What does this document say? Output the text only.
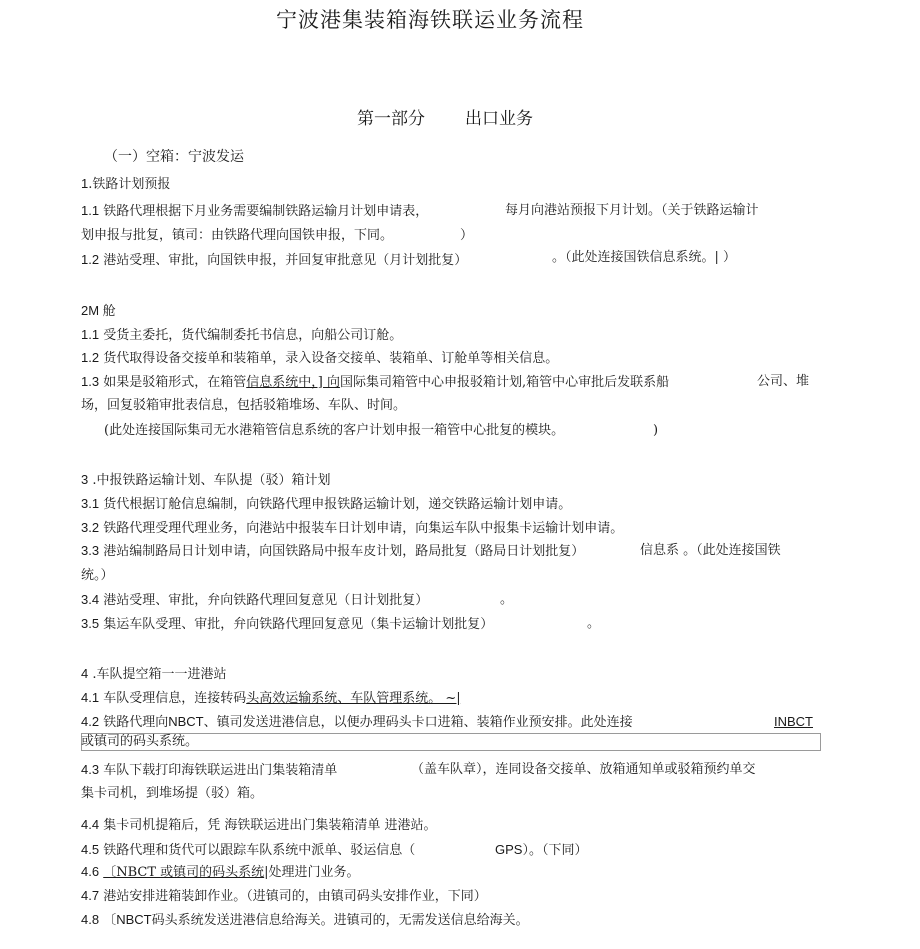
宁波港集装箱海铁联运业务流程
第一部分 出口业务
（一）空箱：宁波发运
1.铁路计划预报
1.1 铁路代理根据下月业务需要编制铁路运输月计划申请表，	每月向港站预报下月计划。（关于铁路运输计
划申报与批复，镇司：由铁路代理向国铁申报，下同。	）
1.2 港站受理、审批，向国铁申报，并回复审批意见（月计划批复）	。（此处连接国铁信息系统。| ）
2M 舱
1.1 受货主委托，货代编制委托书信息，向船公司订舱。
1.2 货代取得设备交接单和装箱单，录入设备交接单、装箱单、订舱单等相关信息。
1.3 如果是驳箱形式，在箱管信息系统中，] 向国际集司箱管中心申报驳箱计划,箱管中心审批后发联系船	公司、堆
场，回复驳箱审批表信息，包括驳箱堆场、车队、时间。
(此处连接国际集司无水港箱管信息系统的客户计划申报一箱管中心批复的模块。	)
3 .中报铁路运输计划、车队提（驳）箱计划
3.1 货代根据订舱信息编制，向铁路代理申报铁路运输计划，递交铁路运输计划申请。
3.2 铁路代理受理代理业务，向港站中报装车日计划申请，向集运车队中报集卡运输计划申请。
3.3 港站编制路局日计划申请，向国铁路局中报车皮计划，路局批复（路局日计划批复）	信息系 。（此处连接国铁
统。）
3.4 港站受理、审批，弁向铁路代理回复意见（日计划批复）	。
3.5 集运车队受理、审批，弁向铁路代理回复意见（集卡运输计划批复）	。
4 .车队提空箱一一进港站
4.1 车队受理信息，连接转码头高效运输系统、车队管理系统。 ~|
4.2 铁路代理向NBCT、镇司发送进港信息，以便办理码头卡口进箱、装箱作业预安排。此处连接	INBCT
或镇司的码头系统。
4.3 车队下载打印海铁联运进出门集装箱清单	（盖车队章），连同设备交接单、放箱通知单或驳箱预约单交
集卡司机，到堆场提（驳）箱。
4.4 集卡司机提箱后，凭 海铁联运进出门集装箱清单 进港站。
4.5 铁路代理和货代可以跟踪车队系统中派单、驳运信息（	GPS）。（下同）
4.6 〔NBCT 或镇司的码头系统|处理进门业务。
4.7 港站安排进箱装卸作业。（进镇司的，由镇司码头安排作业，下同）
4.8 〔NBCT码头系统发送进港信息给海关。进镇司的，无需发送信息给海关。
